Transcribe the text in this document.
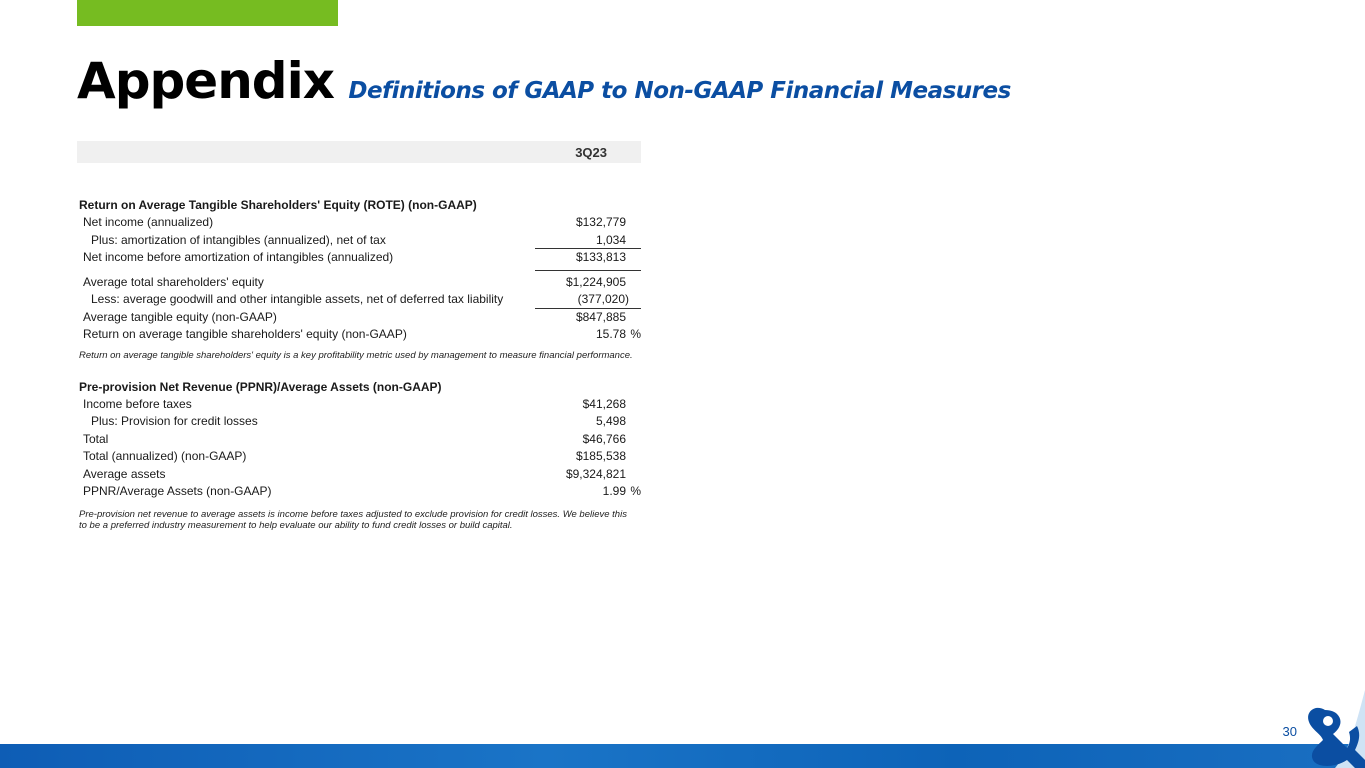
Appendix Definitions of GAAP to Non-GAAP Financial Measures
3Q23
Return on Average Tangible Shareholders' Equity (ROTE) (non-GAAP)
Net income (annualized)	$132,779
Plus: amortization of intangibles (annualized), net of tax	1,034
Net income before amortization of intangibles (annualized)	$133,813
Average total shareholders' equity	$1,224,905
Less: average goodwill and other intangible assets, net of deferred tax liability	(377,020)
Average tangible equity (non-GAAP)	$847,885
Return on average tangible shareholders' equity (non-GAAP)	15.78 %
Return on average tangible shareholders' equity is a key profitability metric used by management to measure financial performance.
Pre-provision Net Revenue (PPNR)/Average Assets (non-GAAP)
Income before taxes	$41,268
Plus: Provision for credit losses	5,498
Total	$46,766
Total (annualized) (non-GAAP)	$185,538
Average assets	$9,324,821
PPNR/Average Assets (non-GAAP)	1.99 %
Pre-provision net revenue to average assets is income before taxes adjusted to exclude provision for credit losses. We believe this to be a preferred industry measurement to help evaluate our ability to fund credit losses or build capital.
30
